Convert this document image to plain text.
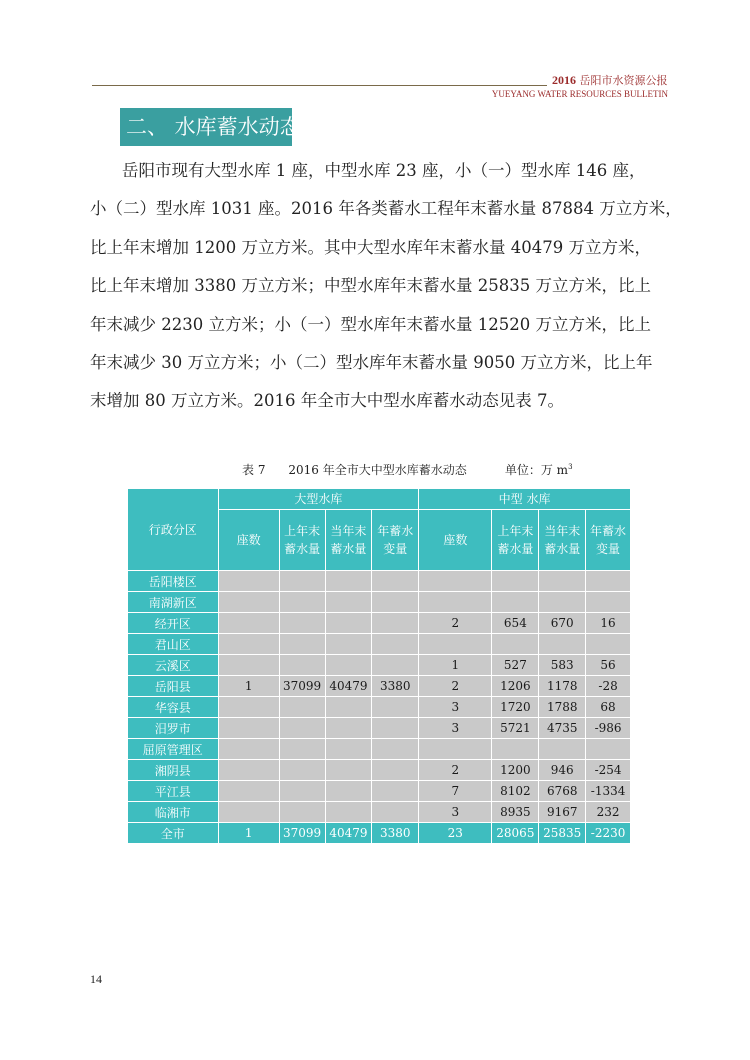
2016 岳阳市水资源公报
YUEYANG WATER RESOURCES BULLETIN
二、 水库蓄水动态
岳阳市现有大型水库 1 座，中型水库 23 座，小（一）型水库 146 座，
小（二）型水库 1031 座。2016 年各类蓄水工程年末蓄水量 87884 万立方米，
比上年末增加 1200 万立方米。其中大型水库年末蓄水量 40479 万立方米，
比上年末增加 3380 万立方米；中型水库年末蓄水量 25835 万立方米，比上
年末减少 2230 立方米；小（一）型水库年末蓄水量 12520 万立方米，比上
年末减少 30 万立方米；小（二）型水库年末蓄水量 9050 万立方米，比上年
末增加 80 万立方米。2016 年全市大中型水库蓄水动态见表 7。
表 7 2016 年全市大中型水库蓄水动态	单位：万 $m^3$
行政分区	大型水库				中型 水库			
	座数	上年末蓄水量	当年末蓄水量	年蓄水变量	座数	上年末蓄水量	当年末蓄水量	年蓄水变量
岳阳楼区								
南湖新区								
经开区					2	654	670	16
君山区								
云溪区					1	527	583	56
岳阳县	1	37099	40479	3380	2	1206	1178	-28
华容县					3	1720	1788	68
汨罗市					3	5721	4735	-986
屈原管理区								
湘阴县					2	1200	946	-254
平江县					7	8102	6768	-1334
临湘市					3	8935	9167	232
全市	1	37099	40479	3380	23	28065	25835	-2230
14
